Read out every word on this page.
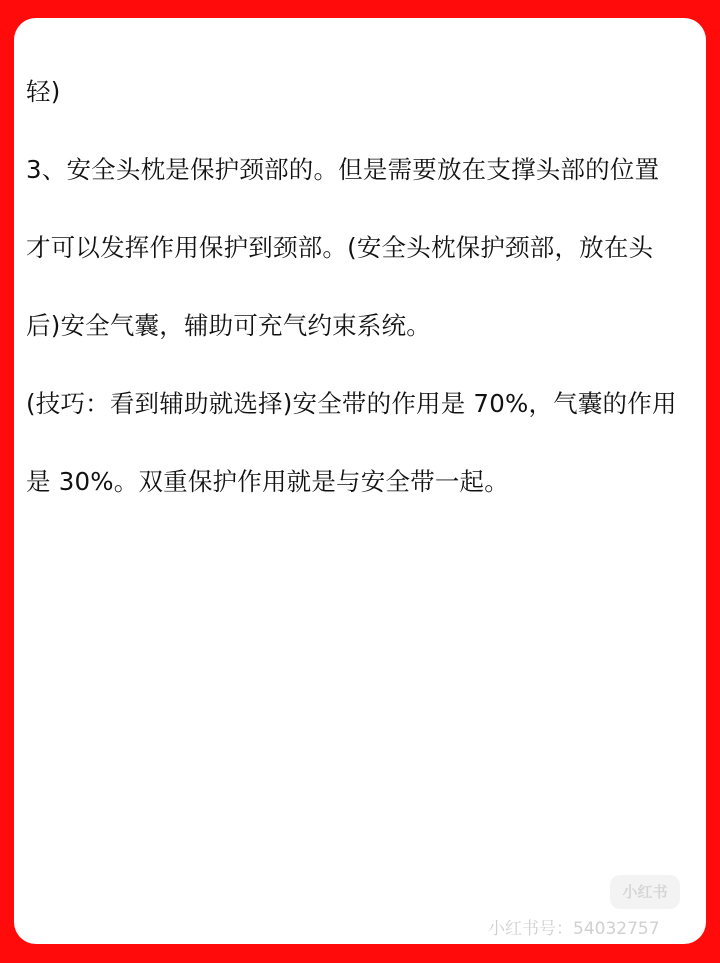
轻)
3、安全头枕是保护颈部的。但是需要放在支撑头部的位置
才可以发挥作用保护到颈部。(安全头枕保护颈部，放在头
后)安全气囊，辅助可充气约束系统。
(技巧：看到辅助就选择)安全带的作用是 70%，气囊的作用
是 30%。双重保护作用就是与安全带一起。
小红书
小红书号：54032757
